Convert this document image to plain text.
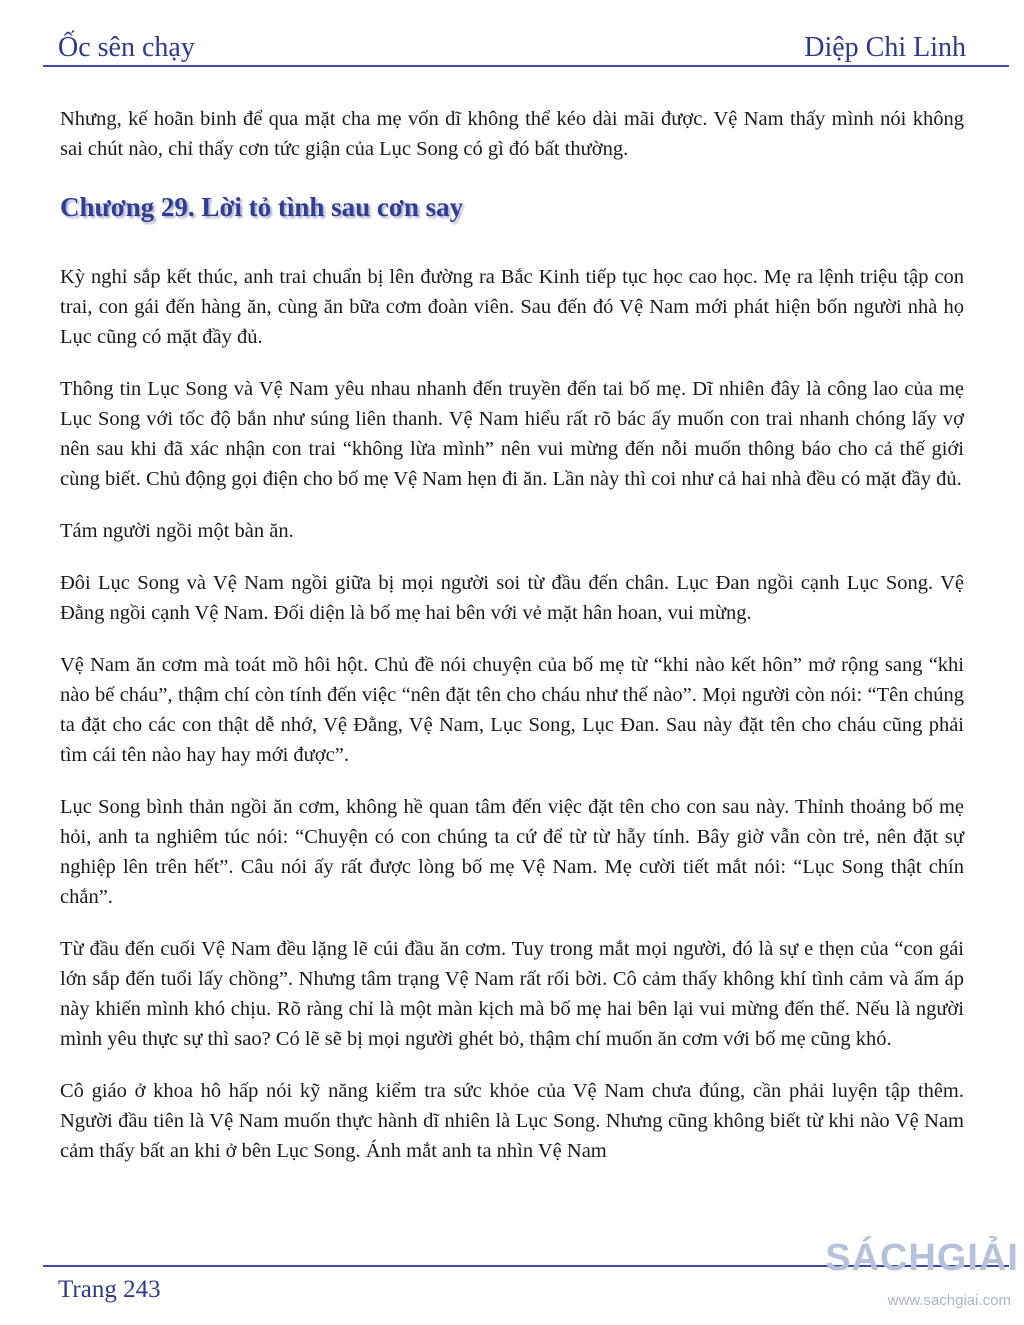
Ốc sên chạy	Diệp Chi Linh

Nhưng, kế hoãn binh để qua mặt cha mẹ vốn dĩ không thể kéo dài mãi được. Vệ Nam thấy mình nói không sai chút nào, chỉ thấy cơn tức giận của Lục Song có gì đó bất thường.

Chương 29. Lời tỏ tình sau cơn say

Kỳ nghỉ sắp kết thúc, anh trai chuẩn bị lên đường ra Bắc Kinh tiếp tục học cao học. Mẹ ra lệnh triệu tập con trai, con gái đến hàng ăn, cùng ăn bữa cơm đoàn viên. Sau đến đó Vệ Nam mới phát hiện bốn người nhà họ Lục cũng có mặt đầy đủ.

Thông tin Lục Song và Vệ Nam yêu nhau nhanh đến truyền đến tai bố mẹ. Dĩ nhiên đây là công lao của mẹ Lục Song với tốc độ bắn như súng liên thanh. Vệ Nam hiểu rất rõ bác ấy muốn con trai nhanh chóng lấy vợ nên sau khi đã xác nhận con trai “không lừa mình” nên vui mừng đến nỗi muốn thông báo cho cả thế giới cùng biết. Chủ động gọi điện cho bố mẹ Vệ Nam hẹn đi ăn. Lần này thì coi như cả hai nhà đều có mặt đầy đủ.

Tám người ngồi một bàn ăn.

Đôi Lục Song và Vệ Nam ngồi giữa bị mọi người soi từ đầu đến chân. Lục Đan ngồi cạnh Lục Song. Vệ Đằng ngồi cạnh Vệ Nam. Đối diện là bố mẹ hai bên với vẻ mặt hân hoan, vui mừng.

Vệ Nam ăn cơm mà toát mồ hôi hột. Chủ đề nói chuyện của bố mẹ từ “khi nào kết hôn” mở rộng sang “khi nào bế cháu”, thậm chí còn tính đến việc “nên đặt tên cho cháu như thế nào”. Mọi người còn nói: “Tên chúng ta đặt cho các con thật dễ nhớ, Vệ Đằng, Vệ Nam, Lục Song, Lục Đan. Sau này đặt tên cho cháu cũng phải tìm cái tên nào hay hay mới được”.

Lục Song bình thản ngồi ăn cơm, không hề quan tâm đến việc đặt tên cho con sau này. Thỉnh thoảng bố mẹ hỏi, anh ta nghiêm túc nói: “Chuyện có con chúng ta cứ để từ từ hẵy tính. Bây giờ vẫn còn trẻ, nên đặt sự nghiệp lên trên hết”. Câu nói ấy rất được lòng bố mẹ Vệ Nam. Mẹ cười tiết mắt nói: “Lục Song thật chín chắn”.

Từ đầu đến cuối Vệ Nam đều lặng lẽ cúi đầu ăn cơm. Tuy trong mắt mọi người, đó là sự e thẹn của “con gái lớn sắp đến tuổi lấy chồng”. Nhưng tâm trạng Vệ Nam rất rối bời. Cô cảm thấy không khí tình cảm và ấm áp này khiến mình khó chịu. Rõ ràng chỉ là một màn kịch mà bố mẹ hai bên lại vui mừng đến thế. Nếu là người mình yêu thực sự thì sao? Có lẽ sẽ bị mọi người ghét bỏ, thậm chí muốn ăn cơm với bố mẹ cũng khó.

Cô giáo ở khoa hô hấp nói kỹ năng kiểm tra sức khỏe của Vệ Nam chưa đúng, cần phải luyện tập thêm. Người đầu tiên là Vệ Nam muốn thực hành dĩ nhiên là Lục Song. Nhưng cũng không biết từ khi nào Vệ Nam cảm thấy bất an khi ở bên Lục Song. Ánh mắt anh ta nhìn Vệ Nam

Trang 243
SÁCHGIẢI
www.sachgiai.com
